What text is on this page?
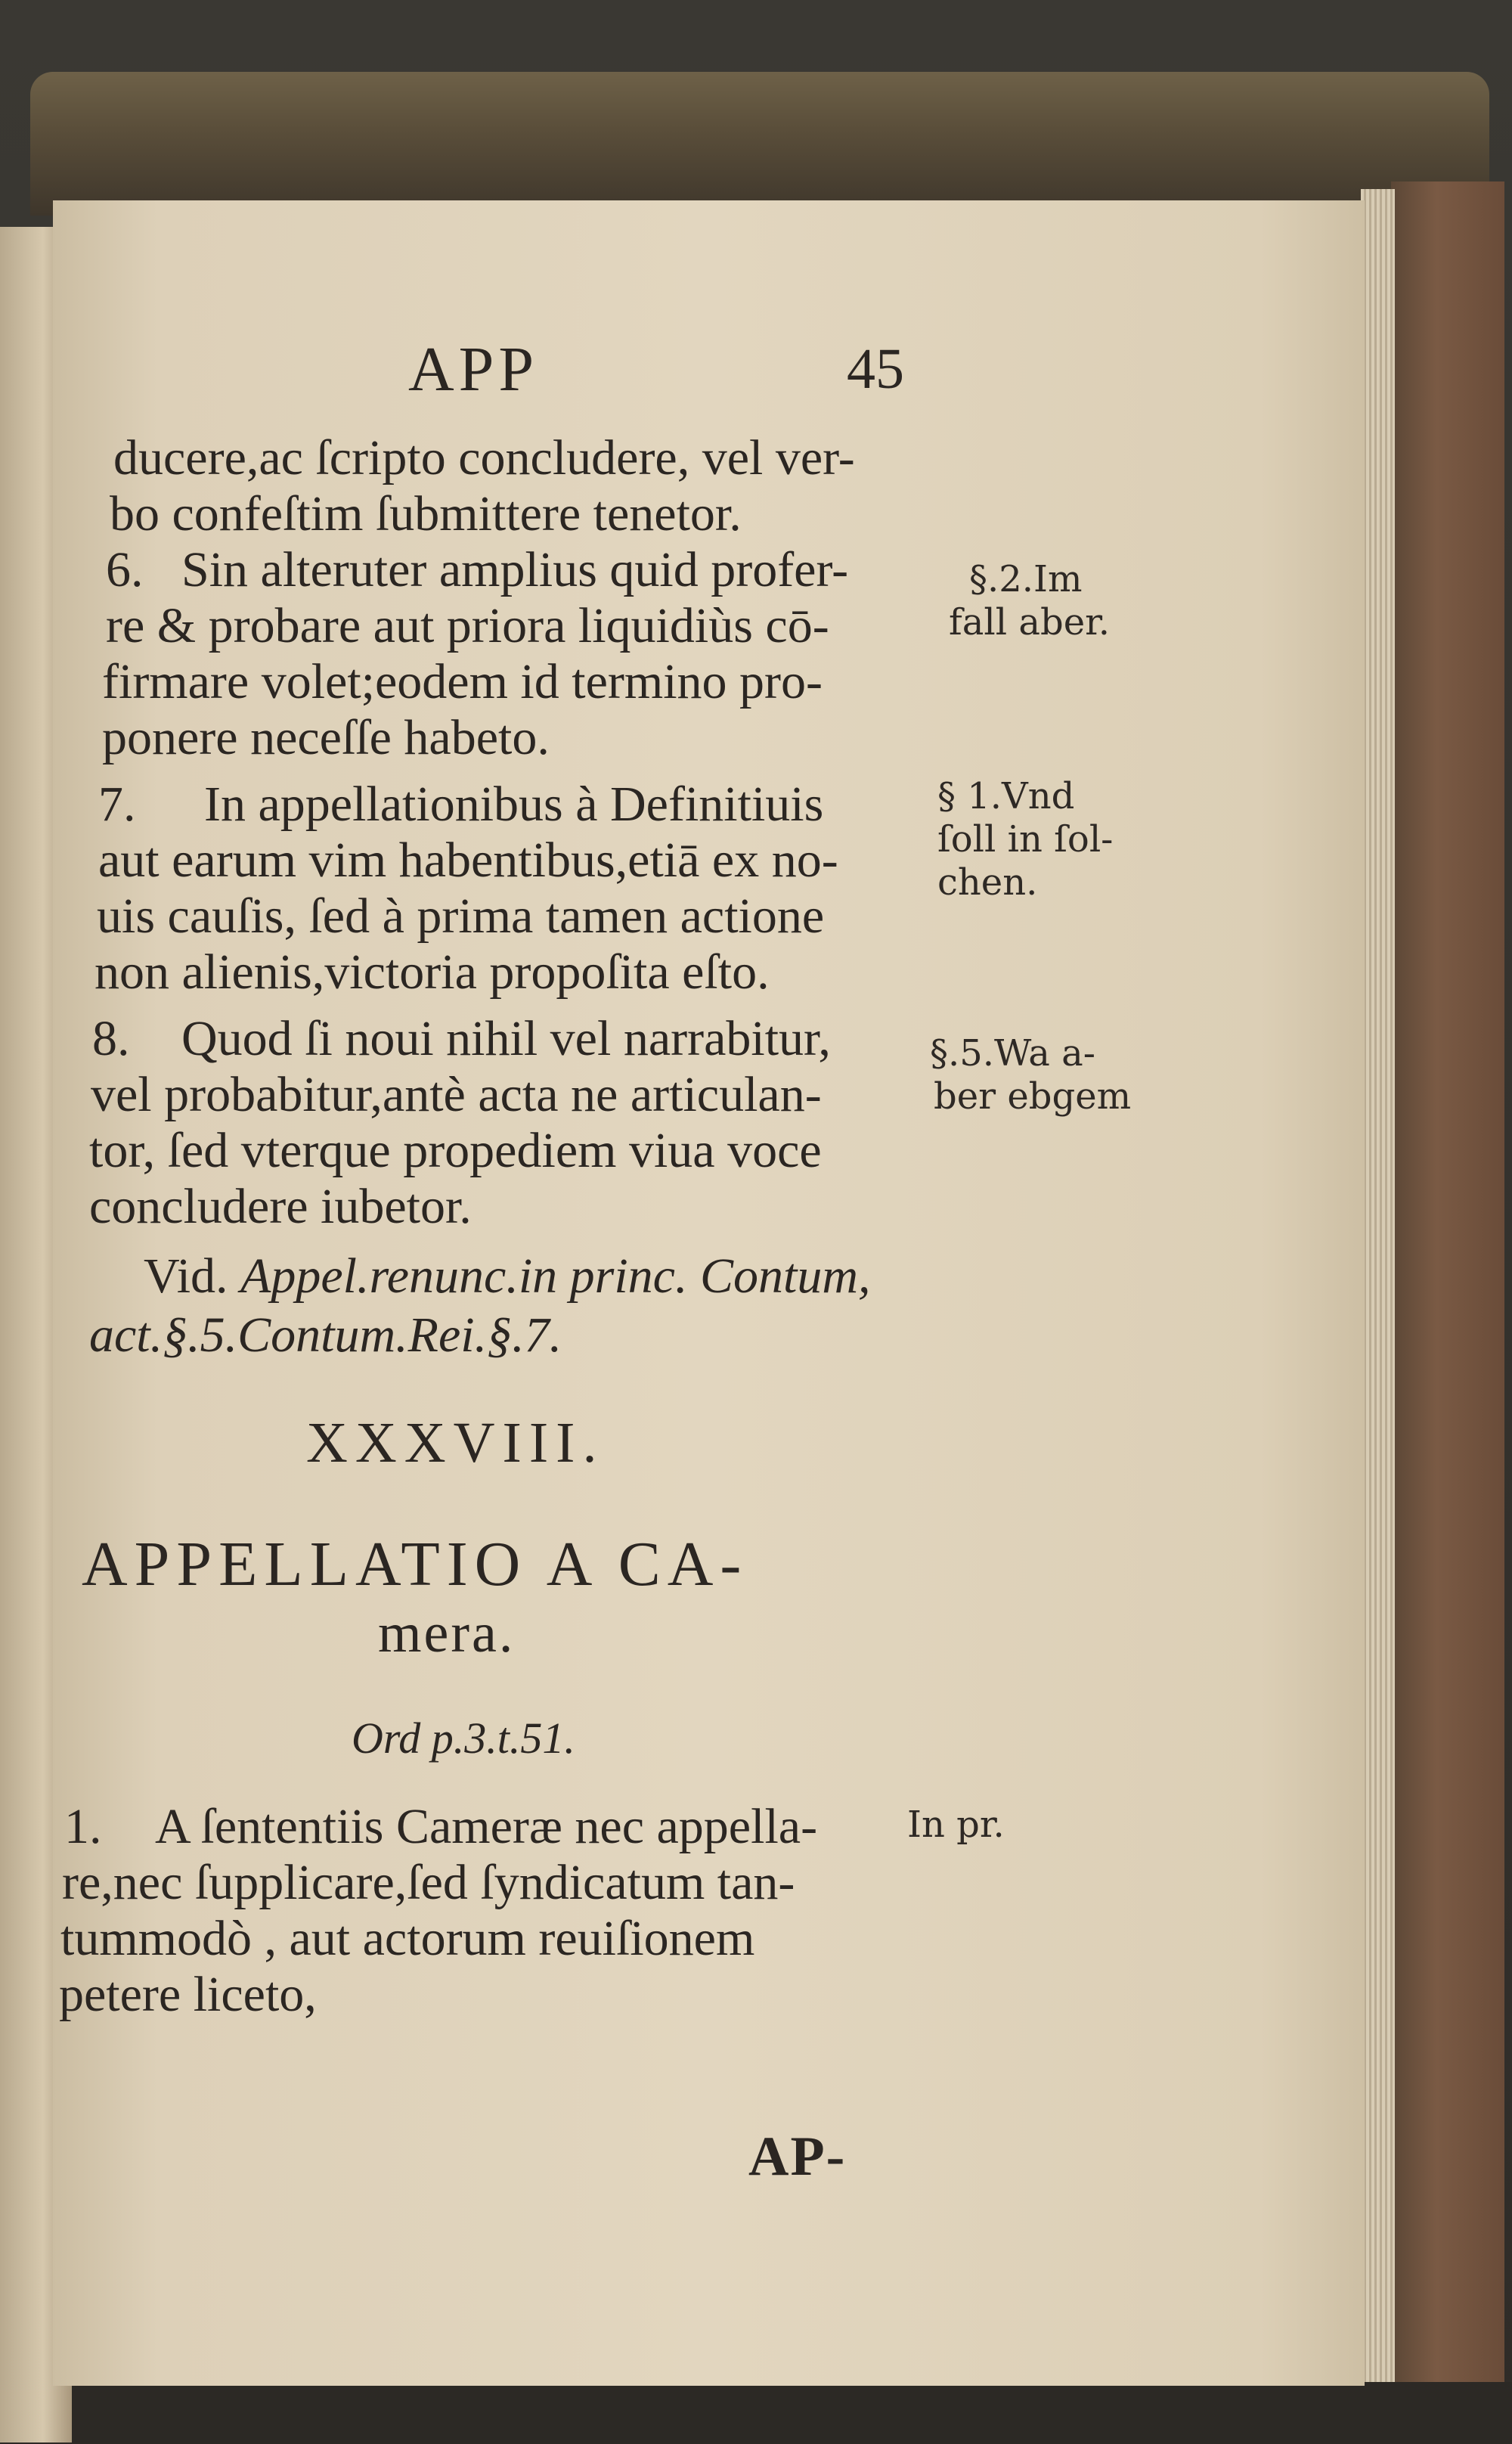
APP	45
ducere,ac ſcripto concludere, vel ver-
bo confeſtim ſubmittere tenetor.
6. Sin alteruter amplius quid profer-
re & probare aut priora liquidiùs cō-
firmare volet;eodem id termino pro-
ponere neceſſe habeto.
7. In appellationibus à Definitiuis
aut earum vim habentibus,etiā ex no-
uis cauſis, ſed à prima tamen actione
non alienis,victoria propoſita eſto.
8. Quod ſi noui nihil vel narrabitur,
vel probabitur,antè acta ne articulan-
tor, ſed vterque propediem viua voce
concludere iubetor.
Vid. Appel.renunc.in princ. Contum,
act.§.5.Contum.Rei.§.7.
XXXVIII.
APPELLATIO A CA-
mera.
Ord p.3.t.51.
1. A ſententiis Cameræ nec appella-
re,nec ſupplicare,ſed ſyndicatum tan-
tummodò , aut actorum reuiſionem
petere liceto,
AP-
§.2.Im
fall aber.
§ 1.Vnd
ſoll in ſol-
chen.
§.5.Wa a-
ber ebgem
In pr.
